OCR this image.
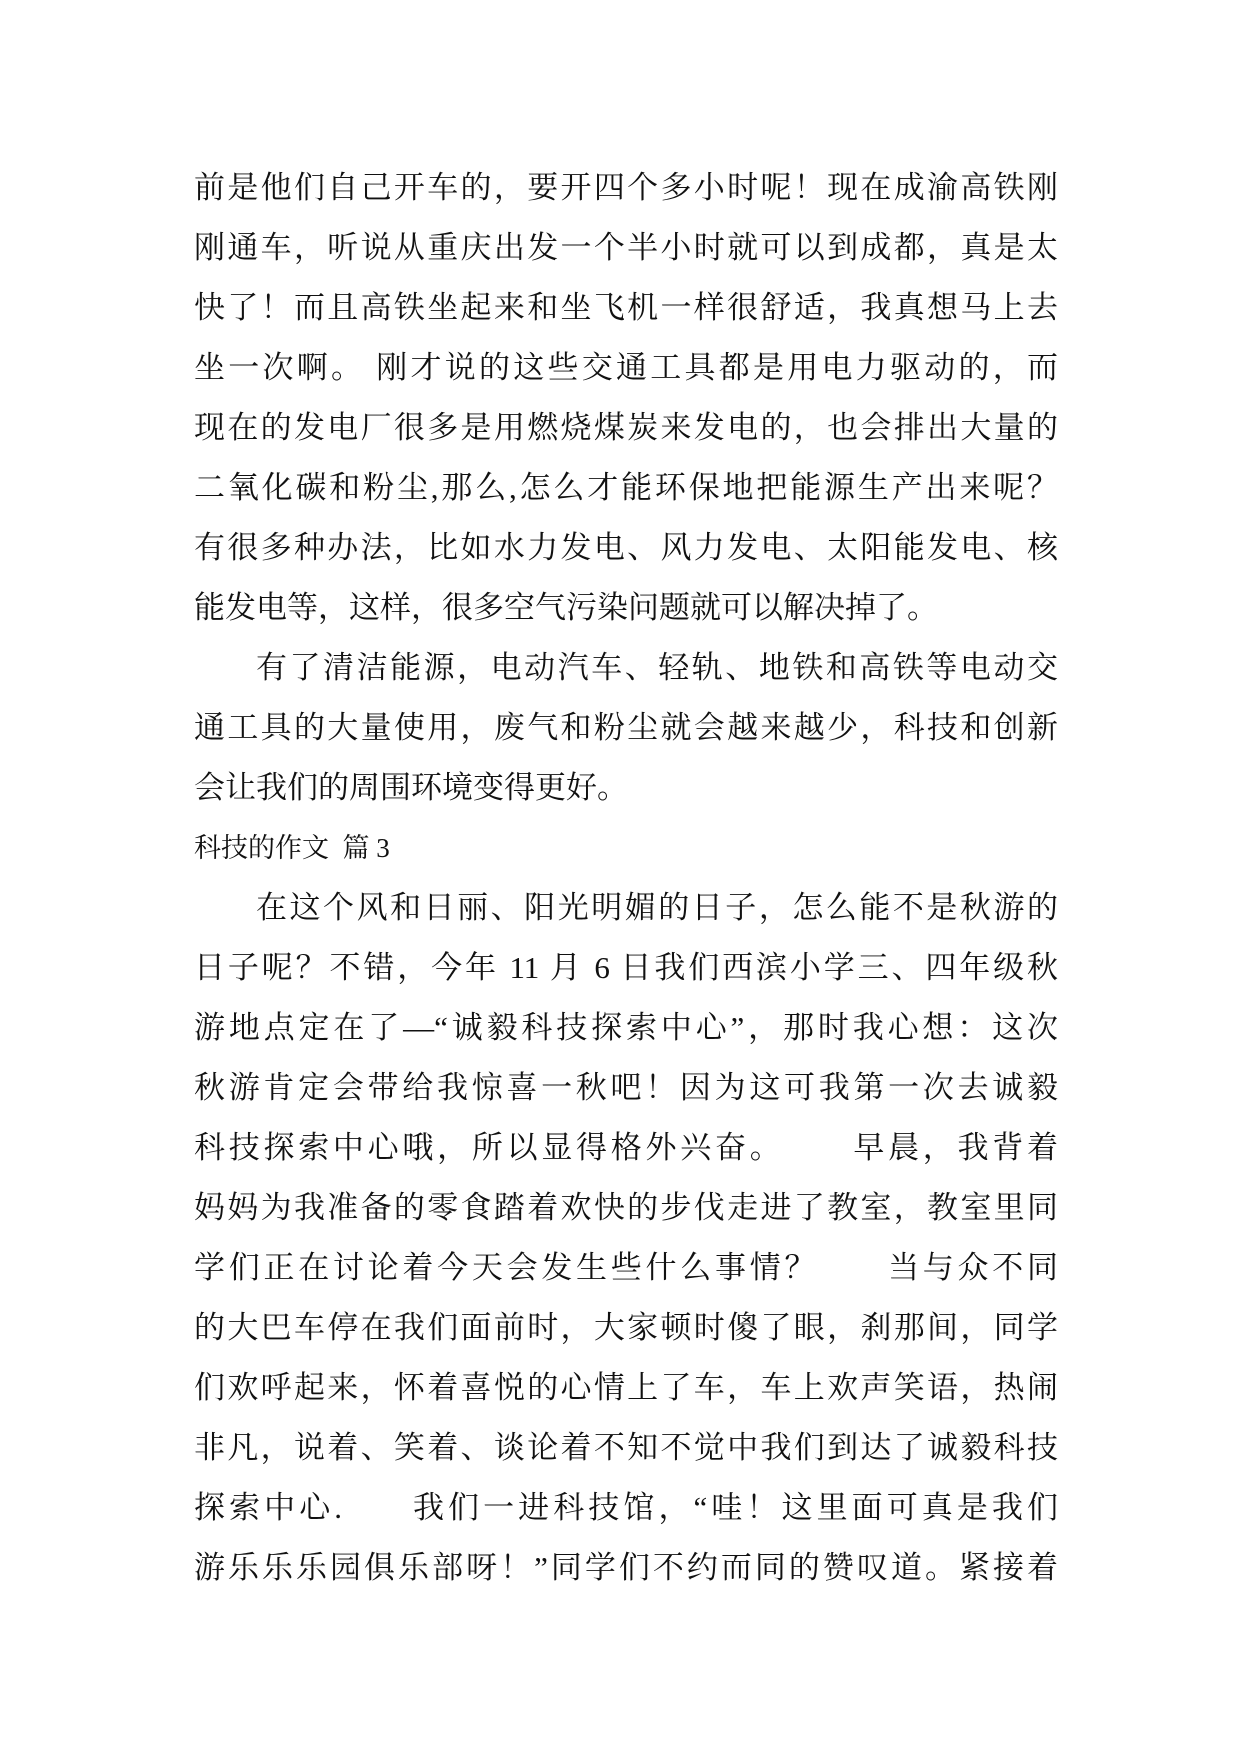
前是他们自己开车的，要开四个多小时呢！现在成渝高铁刚
刚通车，听说从重庆出发一个半小时就可以到成都，真是太
快了！而且高铁坐起来和坐飞机一样很舒适，我真想马上去
坐一次啊。 刚才说的这些交通工具都是用电力驱动的，而
现在的发电厂很多是用燃烧煤炭来发电的，也会排出大量的
二氧化碳和粉尘,那么,怎么才能环保地把能源生产出来呢？
有很多种办法，比如水力发电、风力发电、太阳能发电、核
能发电等，这样，很多空气污染问题就可以解决掉了。
有了清洁能源，电动汽车、轻轨、地铁和高铁等电动交
通工具的大量使用，废气和粉尘就会越来越少，科技和创新
会让我们的周围环境变得更好。
科技的作文  篇 3
在这个风和日丽、阳光明媚的日子，怎么能不是秋游的
日子呢？不错，今年 11 月 6 日我们西滨小学三、四年级秋
游地点定在了—“诚毅科技探索中心”，那时我心想：这次
秋游肯定会带给我惊喜一秋吧！因为这可我第一次去诚毅
科技探索中心哦，所以显得格外兴奋。      早晨，我背着
妈妈为我准备的零食踏着欢快的步伐走进了教室，教室里同
学们正在讨论着今天会发生些什么事情？      当与众不同
的大巴车停在我们面前时，大家顿时傻了眼，刹那间，同学
们欢呼起来，怀着喜悦的心情上了车，车上欢声笑语，热闹
非凡，说着、笑着、谈论着不知不觉中我们到达了诚毅科技
探索中心.      我们一进科技馆，“哇！这里面可真是我们
游乐乐乐园俱乐部呀！”同学们不约而同的赞叹道。紧接着
